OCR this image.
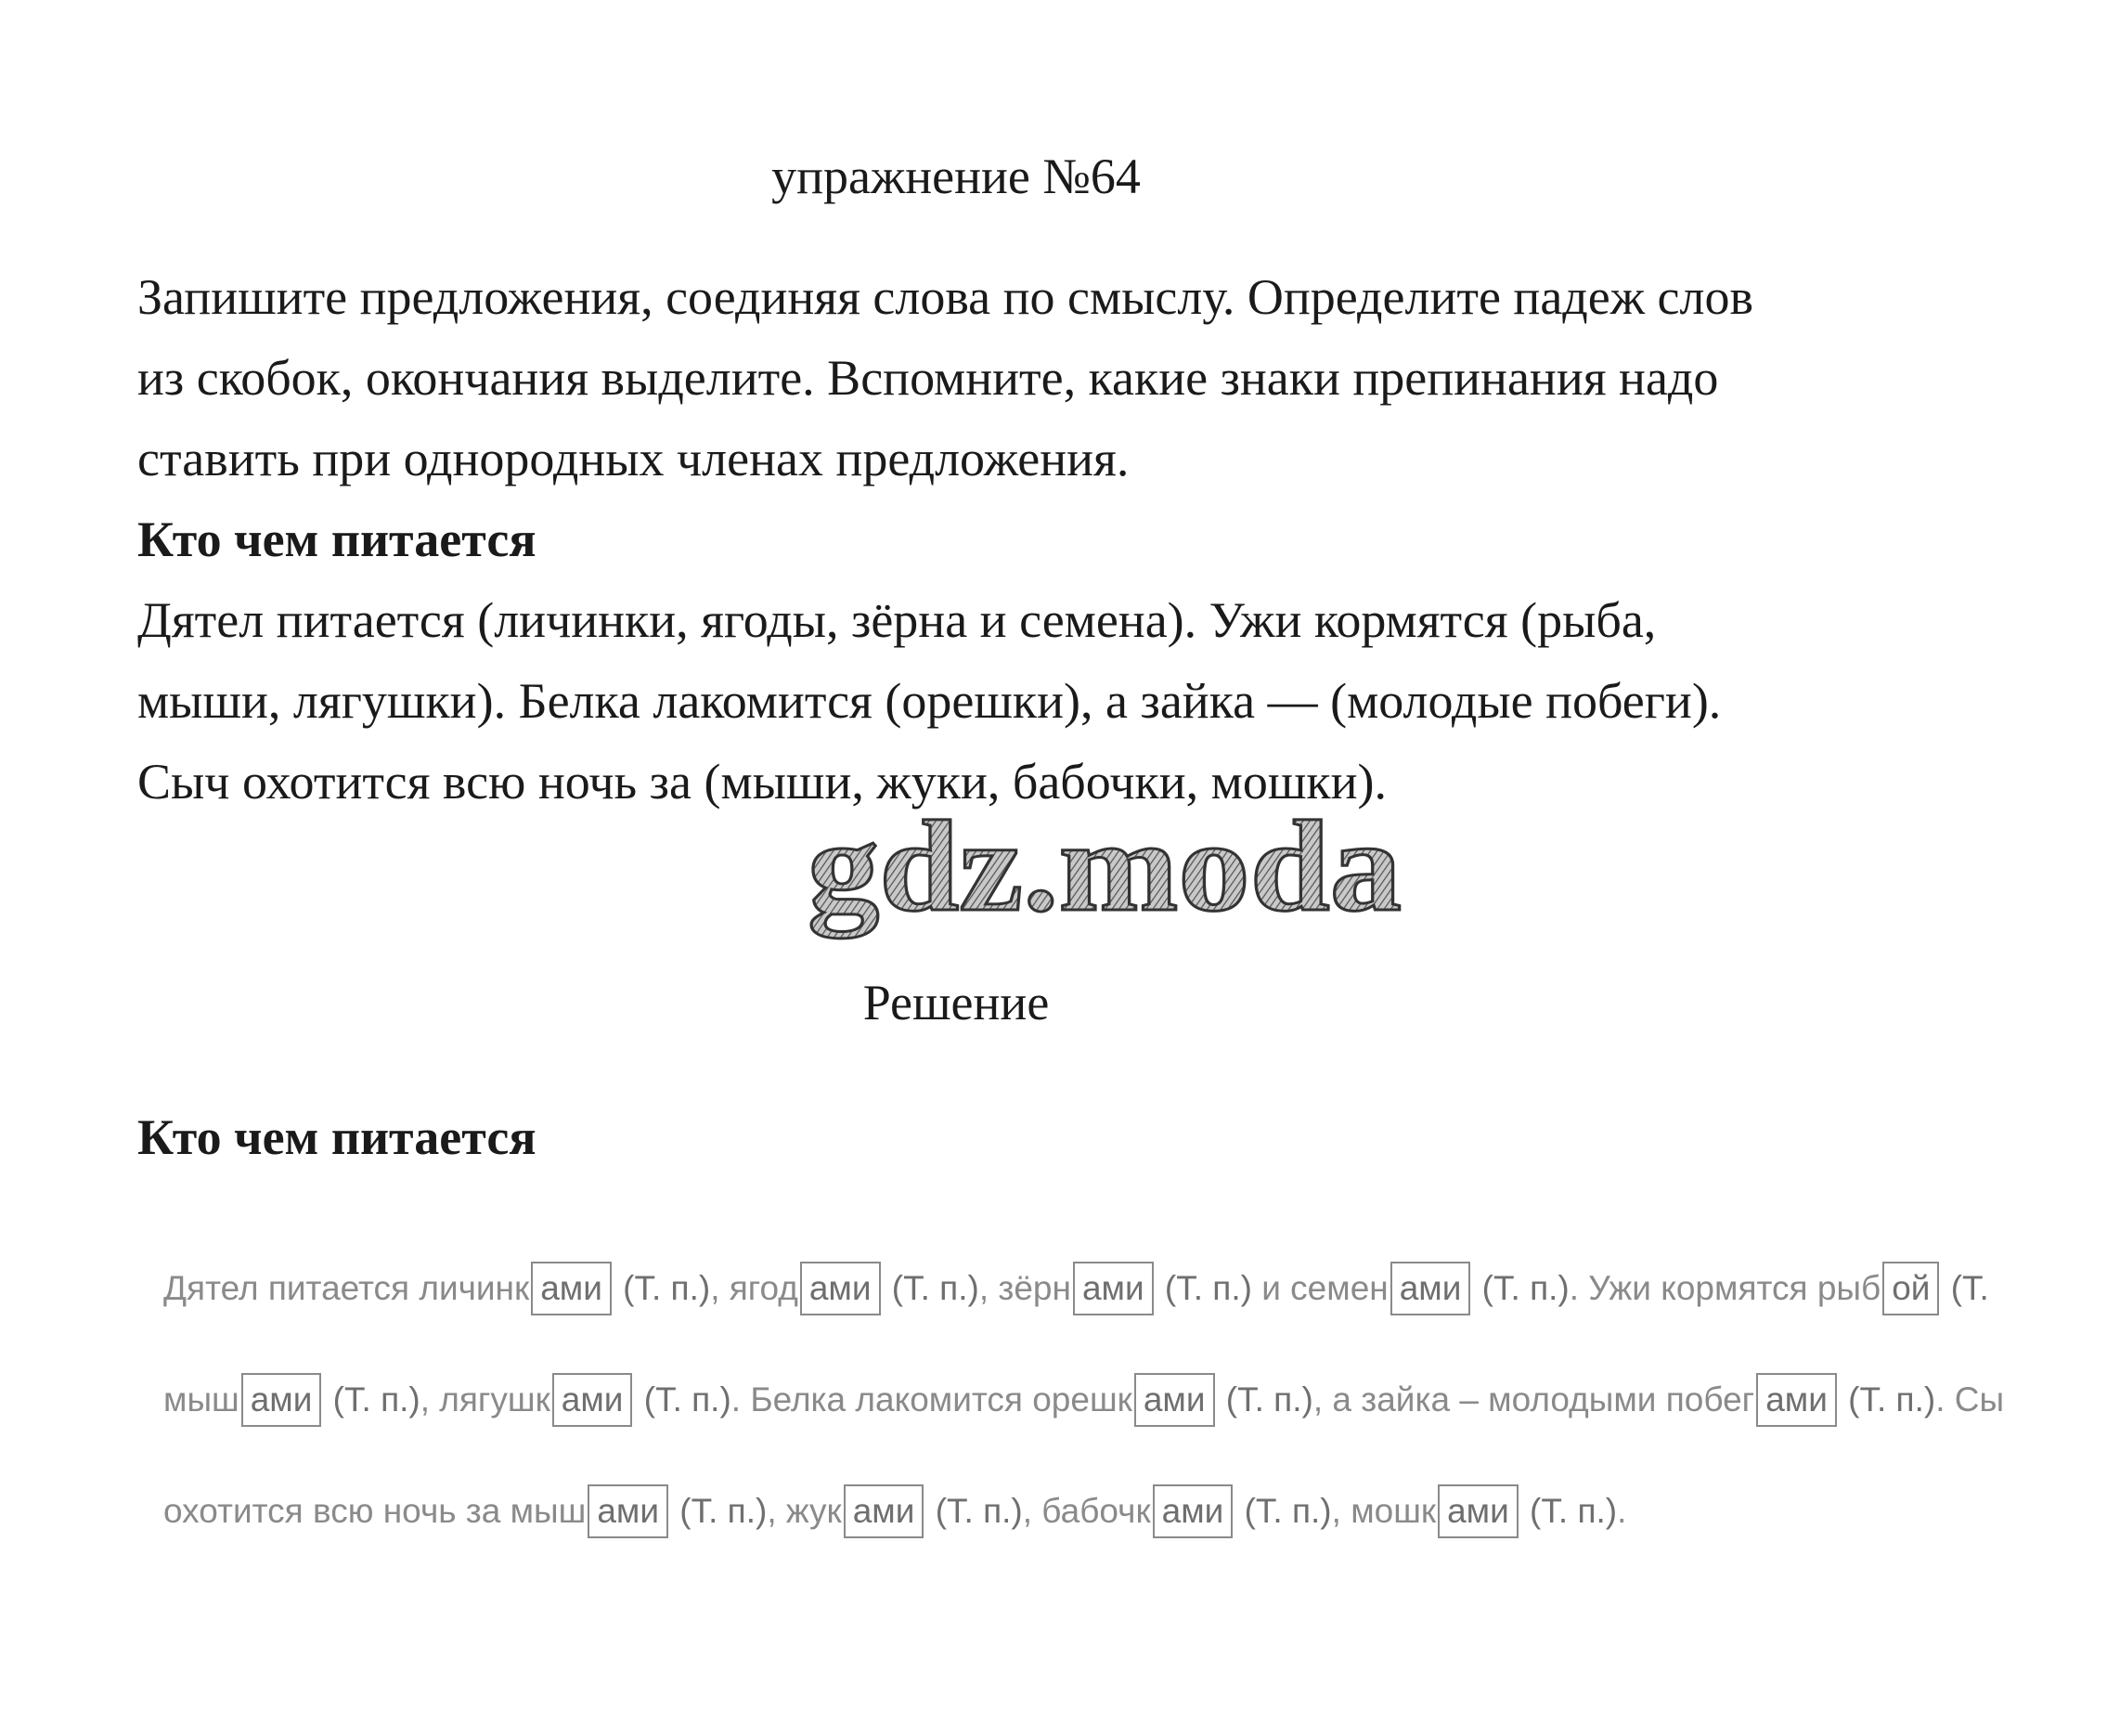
упражнение №64

Запишите предложения, соединяя слова по смыслу. Определите падеж слов из скобок, окончания выделите. Вспомните, какие знаки препинания надо ставить при однородных членах предложения.

Кто чем питается

Дятел питается (личинки, ягоды, зёрна и семена). Ужи кормятся (рыба, мыши, лягушки). Белка лакомится (орешки), а зайка — (молодые побеги). Сыч охотится всю ночь за (мыши, жуки, бабочки, мошки).

gdz.moda
Решение
Кто чем питается
Дятел питается личинк ами (Т. п.), ягод ами (Т. п.), зёрн ами (Т. п.) и семен ами (Т. п.). Ужи кормятся рыб ой (Т.
мыш ами (Т. п.), лягушк ами (Т. п.). Белка лакомится орешк ами (Т. п.), а зайка – молодыми побег ами (Т. п.). Сы
охотится всю ночь за мыш ами (Т. п.), жук ами (Т. п.), бабочк ами (Т. п.), мошк ами (Т. п.).
